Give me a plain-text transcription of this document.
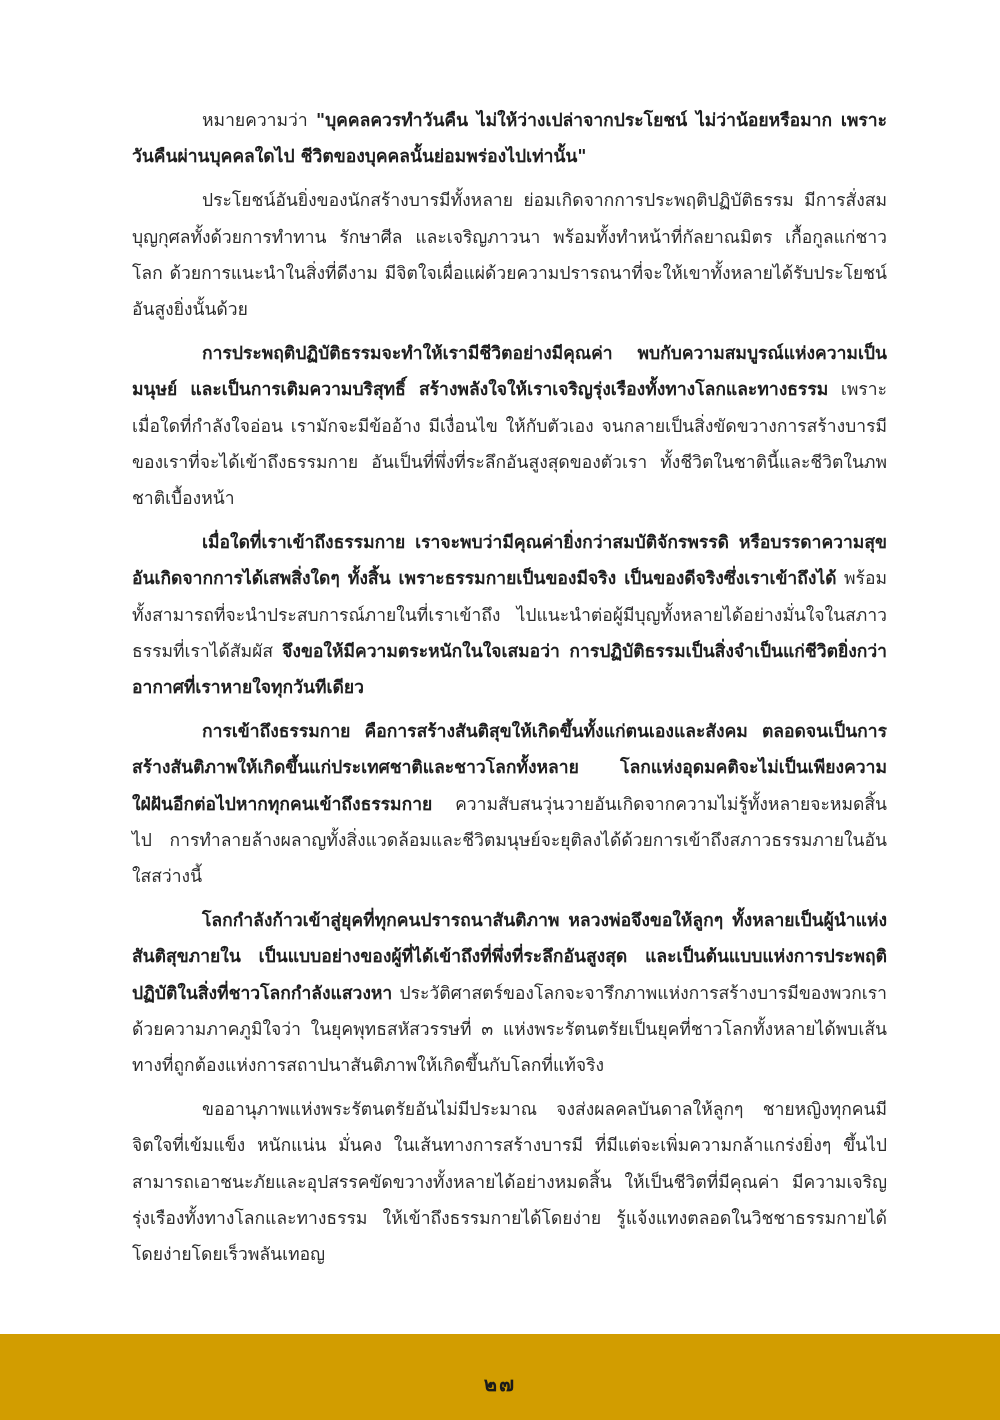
หมายความว่า "บุคคลควรทำวันคืน ไม่ให้ว่างเปล่าจากประโยชน์ ไม่ว่าน้อยหรือมาก เพราะวันคืนผ่านบุคคลใดไป ชีวิตของบุคคลนั้นย่อมพร่องไปเท่านั้น"

ประโยชน์อันยิ่งของนักสร้างบารมีทั้งหลาย ย่อมเกิดจากการประพฤติปฏิบัติธรรม มีการสั่งสมบุญกุศลทั้งด้วยการทำทาน รักษาศีล และเจริญภาวนา พร้อมทั้งทำหน้าที่กัลยาณมิตร เกื้อกูลแก่ชาวโลก ด้วยการแนะนำในสิ่งที่ดีงาม มีจิตใจเผื่อแผ่ด้วยความปรารถนาที่จะให้เขาทั้งหลายได้รับประโยชน์อันสูงยิ่งนั้นด้วย

การประพฤติปฏิบัติธรรมจะทำให้เรามีชีวิตอย่างมีคุณค่า พบกับความสมบูรณ์แห่งความเป็นมนุษย์ และเป็นการเติมความบริสุทธิ์ สร้างพลังใจให้เราเจริญรุ่งเรืองทั้งทางโลกและทางธรรม เพราะเมื่อใดที่กำลังใจอ่อน เรามักจะมีข้ออ้าง มีเงื่อนไข ให้กับตัวเอง จนกลายเป็นสิ่งขัดขวางการสร้างบารมีของเราที่จะได้เข้าถึงธรรมกาย อันเป็นที่พึ่งที่ระลึกอันสูงสุดของตัวเรา ทั้งชีวิตในชาตินี้และชีวิตในภพชาติเบื้องหน้า

เมื่อใดที่เราเข้าถึงธรรมกาย เราจะพบว่ามีคุณค่ายิ่งกว่าสมบัติจักรพรรดิ หรือบรรดาความสุขอันเกิดจากการได้เสพสิ่งใดๆ ทั้งสิ้น เพราะธรรมกายเป็นของมีจริง เป็นของดีจริงซึ่งเราเข้าถึงได้ พร้อมทั้งสามารถที่จะนำประสบการณ์ภายในที่เราเข้าถึง ไปแนะนำต่อผู้มีบุญทั้งหลายได้อย่างมั่นใจในสภาวธรรมที่เราได้สัมผัส จึงขอให้มีความตระหนักในใจเสมอว่า การปฏิบัติธรรมเป็นสิ่งจำเป็นแก่ชีวิตยิ่งกว่าอากาศที่เราหายใจทุกวันทีเดียว

การเข้าถึงธรรมกาย คือการสร้างสันติสุขให้เกิดขึ้นทั้งแก่ตนเองและสังคม ตลอดจนเป็นการสร้างสันติภาพให้เกิดขึ้นแก่ประเทศชาติและชาวโลกทั้งหลาย โลกแห่งอุดมคติจะไม่เป็นเพียงความใฝ่ฝันอีกต่อไปหากทุกคนเข้าถึงธรรมกาย ความสับสนวุ่นวายอันเกิดจากความไม่รู้ทั้งหลายจะหมดสิ้นไป การทำลายล้างผลาญทั้งสิ่งแวดล้อมและชีวิตมนุษย์จะยุติลงได้ด้วยการเข้าถึงสภาวธรรมภายในอันใสสว่างนี้

โลกกำลังก้าวเข้าสู่ยุคที่ทุกคนปรารถนาสันติภาพ หลวงพ่อจึงขอให้ลูกๆ ทั้งหลายเป็นผู้นำแห่งสันติสุขภายใน เป็นแบบอย่างของผู้ที่ได้เข้าถึงที่พึ่งที่ระลึกอันสูงสุด และเป็นต้นแบบแห่งการประพฤติปฏิบัติในสิ่งที่ชาวโลกกำลังแสวงหา ประวัติศาสตร์ของโลกจะจารึกภาพแห่งการสร้างบารมีของพวกเราด้วยความภาคภูมิใจว่า ในยุคพุทธสหัสวรรษที่ ๓ แห่งพระรัตนตรัยเป็นยุคที่ชาวโลกทั้งหลายได้พบเส้นทางที่ถูกต้องแห่งการสถาปนาสันติภาพให้เกิดขึ้นกับโลกที่แท้จริง

ขออานุภาพแห่งพระรัตนตรัยอันไม่มีประมาณ จงส่งผลคลบันดาลให้ลูกๆ ชายหญิงทุกคนมีจิตใจที่เข้มแข็ง หนักแน่น มั่นคง ในเส้นทางการสร้างบารมี ที่มีแต่จะเพิ่มความกล้าแกร่งยิ่งๆ ขึ้นไป สามารถเอาชนะภัยและอุปสรรคขัดขวางทั้งหลายได้อย่างหมดสิ้น ให้เป็นชีวิตที่มีคุณค่า มีความเจริญรุ่งเรืองทั้งทางโลกและทางธรรม ให้เข้าถึงธรรมกายได้โดยง่าย รู้แจ้งแทงตลอดในวิชชาธรรมกายได้โดยง่ายโดยเร็วพลันเทอญ

๒๗
